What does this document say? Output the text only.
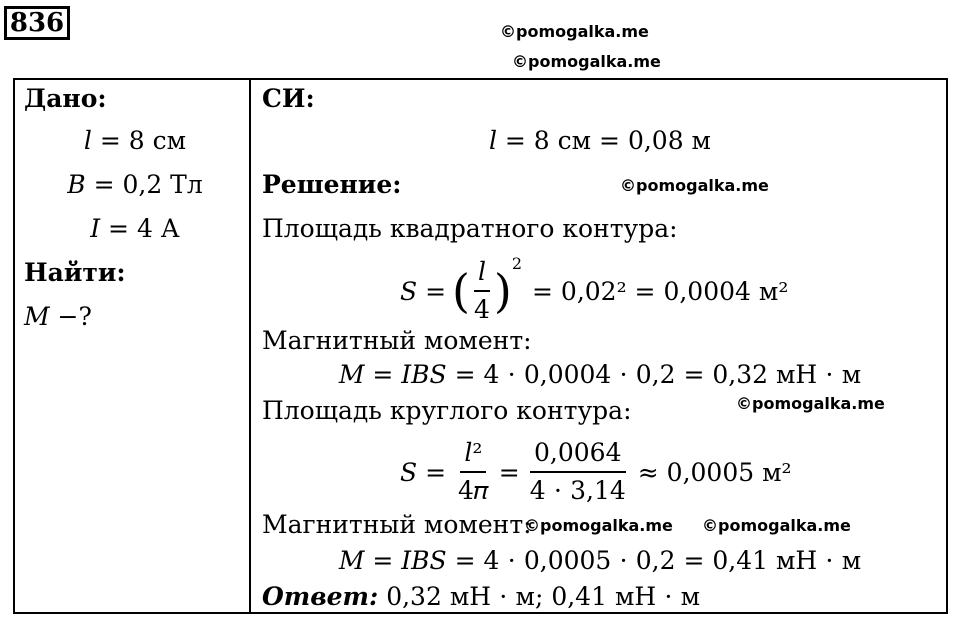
836	©pomogalka.me
©pomogalka.me
Дано:
𝑙 = 8 см
𝐵 = 0,2 Тл
𝐼 = 4 А
Найти:
𝑀 −?
СИ:
𝑙 = 8 см = 0,08 м
Решение:	©pomogalka.me
Площадь квадратного контура:
𝑆 = ( $\frac{\text{𝑙}}{4}$ )
2
= 0,02² = 0,0004 м²
Магнитный момент:
𝑀 = 𝐼𝐵𝑆 = 4 ⋅ 0,0004 ⋅ 0,2 = 0,32 мН ⋅ м
Площадь круглого контура:	©pomogalka.me
𝑆 = $\frac{\text{𝑙²}}{\text{4𝜋}} = \frac{0,0064}{4 \cdot 3,14} \approx 0,0005$ м²
Магнитный момент:
©pomogalka.me ©pomogalka.me
𝑀 = 𝐼𝐵𝑆 = 4 ⋅ 0,0005 ⋅ 0,2 = 0,41 мН ⋅ м
Ответ: 0,32 мН ⋅ м; 0,41 мН ⋅ м
